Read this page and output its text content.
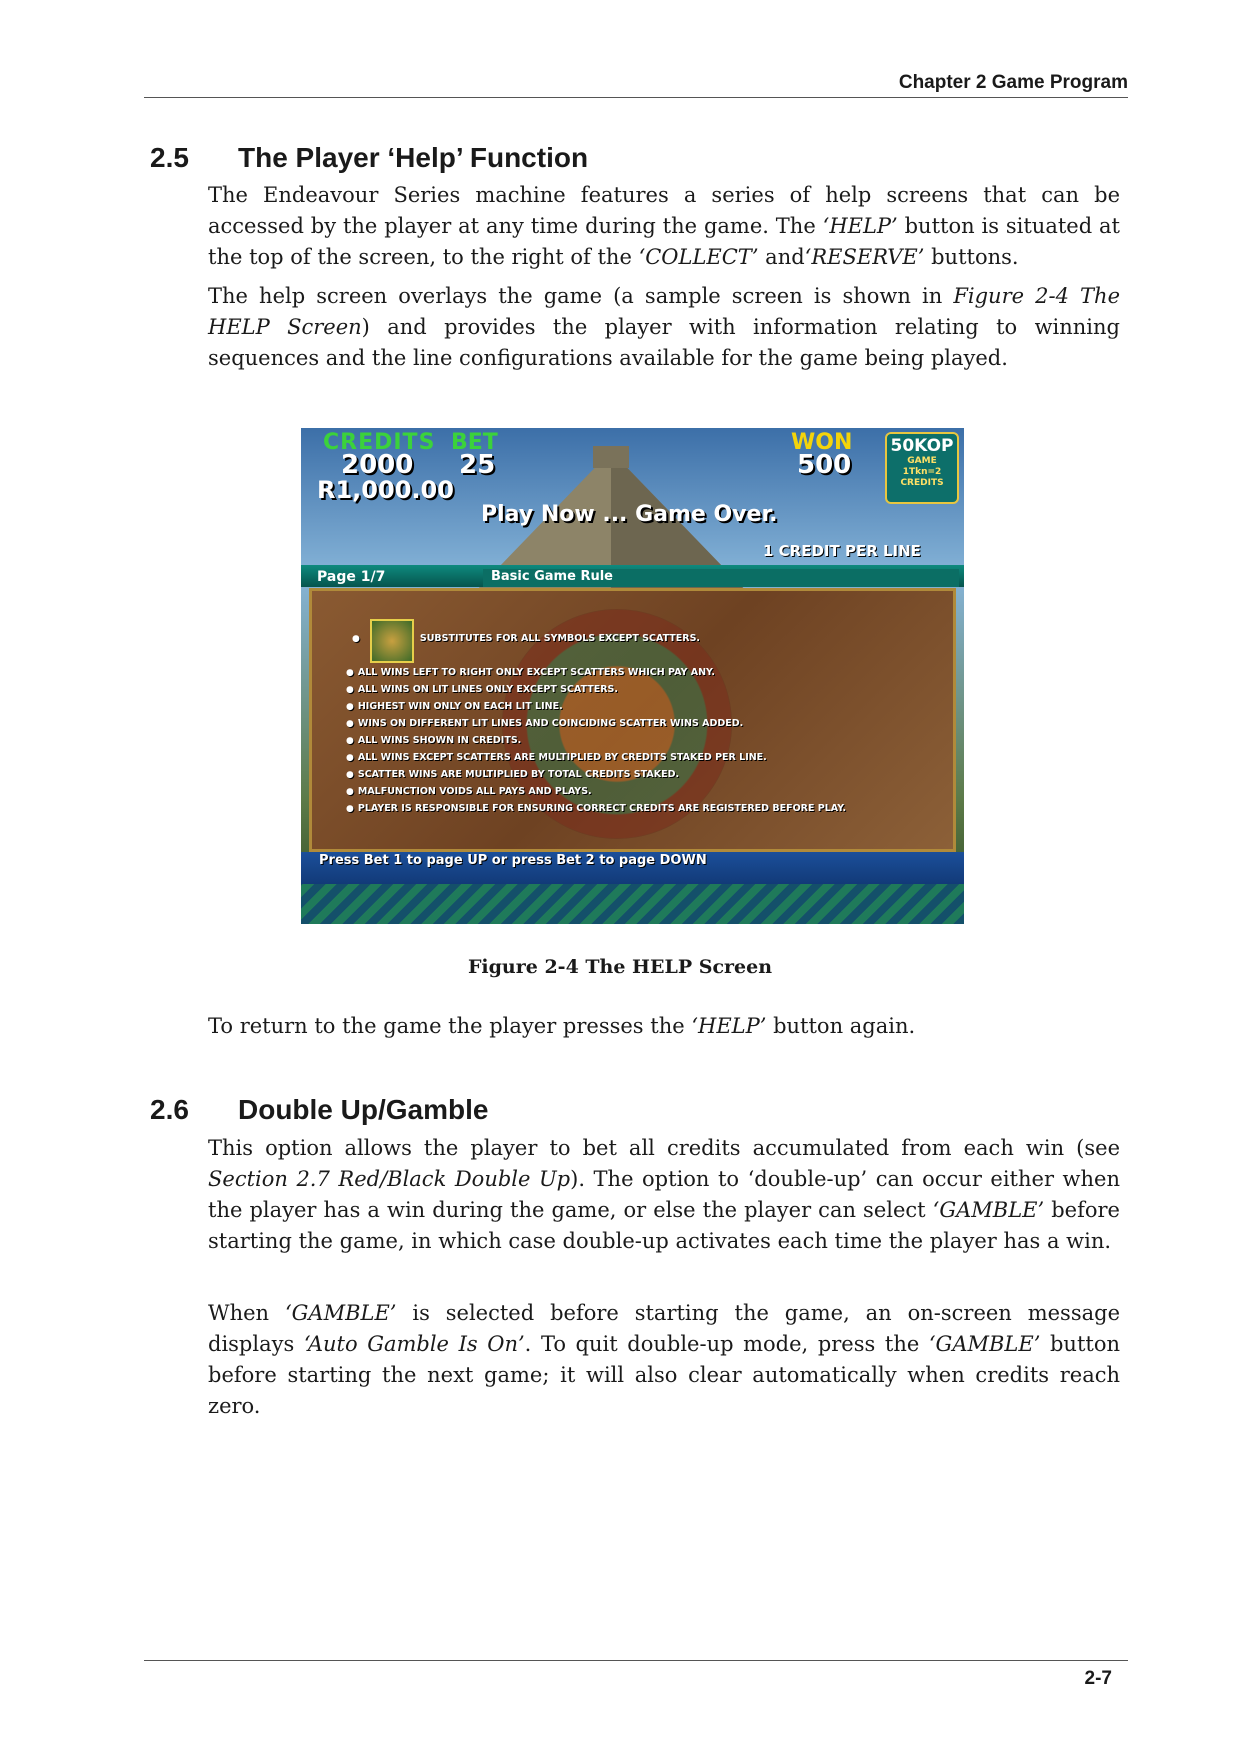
Chapter 2 Game Program
2.5 The Player ‘Help’ Function

The Endeavour Series machine features a series of help screens that can be accessed by the player at any time during the game. The ‘HELP’ button is situated at the top of the screen, to the right of the ‘COLLECT’ and‘RESERVE’ buttons.

The help screen overlays the game (a sample screen is shown in Figure 2-4 The HELP Screen) and provides the player with information relating to winning sequences and the line configurations available for the game being played.

CREDITS BET	WON
2000 25	500
R1,000.00
Play Now ... Game Over.
1 CREDIT PER LINE
50KOP
GAME
1Tkn=2
CREDITS
Page 1/7	Basic Game Rule
● SUBSTITUTES FOR ALL SYMBOLS EXCEPT SCATTERS.
● ALL WINS LEFT TO RIGHT ONLY EXCEPT SCATTERS WHICH PAY ANY.
● ALL WINS ON LIT LINES ONLY EXCEPT SCATTERS.
● HIGHEST WIN ONLY ON EACH LIT LINE.
● WINS ON DIFFERENT LIT LINES AND COINCIDING SCATTER WINS ADDED.
● ALL WINS SHOWN IN CREDITS.
● ALL WINS EXCEPT SCATTERS ARE MULTIPLIED BY CREDITS STAKED PER LINE.
● SCATTER WINS ARE MULTIPLIED BY TOTAL CREDITS STAKED.
● MALFUNCTION VOIDS ALL PAYS AND PLAYS.
● PLAYER IS RESPONSIBLE FOR ENSURING CORRECT CREDITS ARE REGISTERED BEFORE PLAY.
Press Bet 1 to page UP or press Bet 2 to page DOWN
Figure 2-4 The HELP Screen

To return to the game the player presses the ‘HELP’ button again.

2.6 Double Up/Gamble

This option allows the player to bet all credits accumulated from each win (see Section 2.7 Red/Black Double Up). The option to ‘double-up’ can occur either when the player has a win during the game, or else the player can select ‘GAMBLE’ before starting the game, in which case double-up activates each time the player has a win.

When ‘GAMBLE’ is selected before starting the game, an on-screen message displays ‘Auto Gamble Is On’. To quit double-up mode, press the ‘GAMBLE’ button before starting the next game; it will also clear automatically when credits reach zero.

2-7
